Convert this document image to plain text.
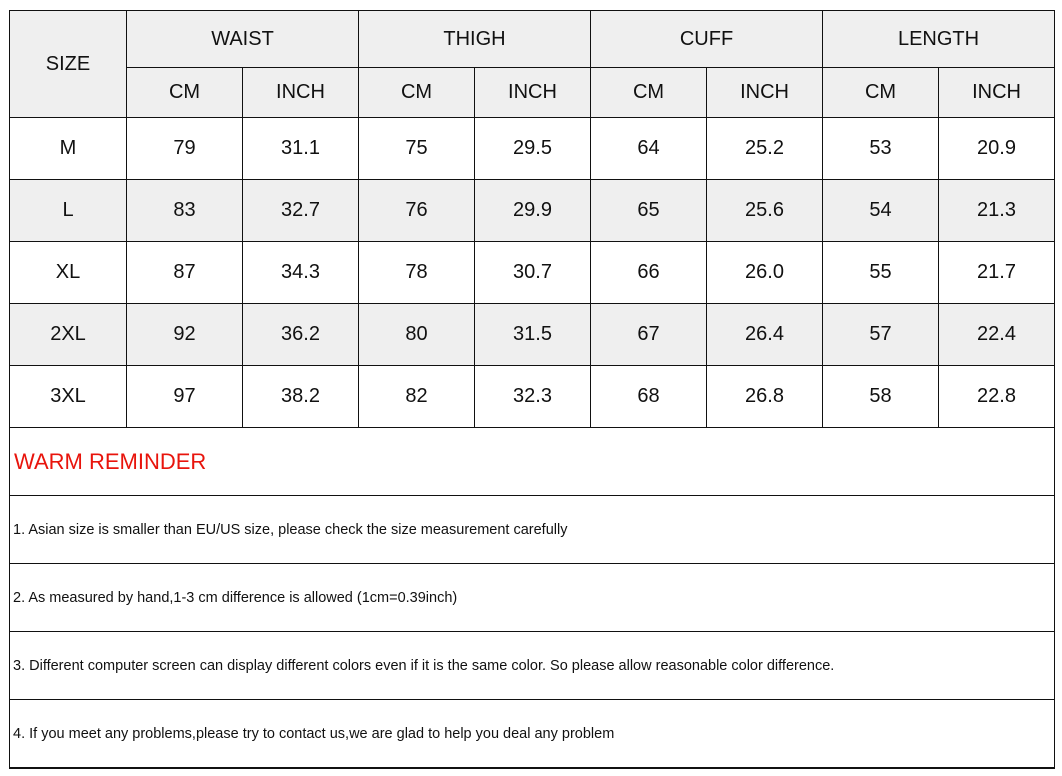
SIZE	WAIST		THIGH		CUFF		LENGTH	
	CM	INCH	CM	INCH	CM	INCH	CM	INCH
M	79	31.1	75	29.5	64	25.2	53	20.9
L	83	32.7	76	29.9	65	25.6	54	21.3
XL	87	34.3	78	30.7	66	26.0	55	21.7
2XL	92	36.2	80	31.5	67	26.4	57	22.4
3XL	97	38.2	82	32.3	68	26.8	58	22.8
WARM REMINDER
1. Asian size is smaller than EU/US size, please check the size measurement carefully
2. As measured by hand,1-3 cm difference is allowed (1cm=0.39inch)
3. Different computer screen can display different colors even if it is the same color. So please allow reasonable color difference.
4. If you meet any problems,please try to contact us,we are glad to help you deal any problem
